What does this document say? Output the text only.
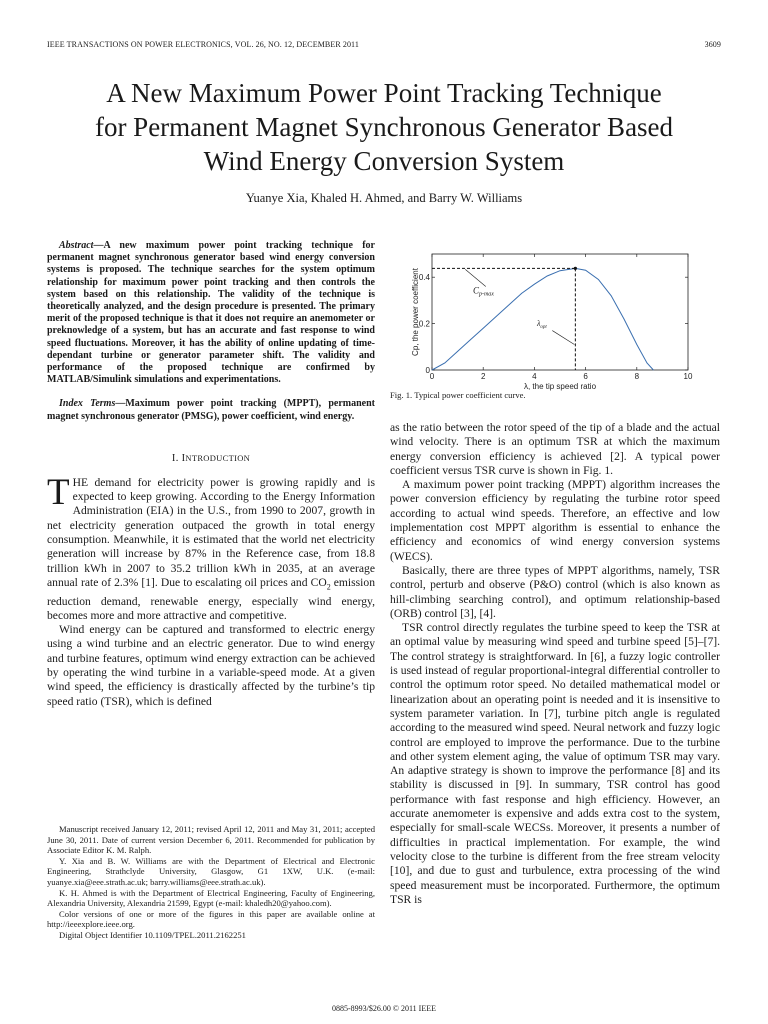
IEEE TRANSACTIONS ON POWER ELECTRONICS, VOL. 26, NO. 12, DECEMBER 2011	3609
A New Maximum Power Point Tracking Technique
for Permanent Magnet Synchronous Generator Based
Wind Energy Conversion System
Yuanye Xia, Khaled H. Ahmed, and Barry W. Williams

Abstract—A new maximum power point tracking technique for permanent magnet synchronous generator based wind energy conversion systems is proposed. The technique searches for the system optimum relationship for maximum power point tracking and then controls the system based on this relationship. The validity of the technique is theoretically analyzed, and the design procedure is presented. The primary merit of the proposed technique is that it does not require an anemometer or preknowledge of a system, but has an accurate and fast response to wind speed fluctuations. Moreover, it has the ability of online updating of time-dependant turbine or generator parameter shift. The validity and performance of the proposed technique are confirmed by MATLAB/Simulink simulations and experimentations.

Index Terms—Maximum power point tracking (MPPT), permanent magnet synchronous generator (PMSG), power coefficient, wind energy.

I. INTRODUCTION

THE demand for electricity power is growing rapidly and is expected to keep growing. According to the Energy Information Administration (EIA) in the U.S., from 1990 to 2007, growth in net electricity generation outpaced the growth in total energy consumption. Meanwhile, it is estimated that the world net electricity generation will increase by 87% in the Reference case, from 18.8 trillion kWh in 2007 to 35.2 trillion kWh in 2035, at an average annual rate of 2.3% [1]. Due to escalating oil prices and $CO_2$ emission reduction demand, renewable energy, especially wind energy, becomes more and more attractive and competitive.

Wind energy can be captured and transformed to electric energy using a wind turbine and an electric generator. Due to wind energy and turbine features, optimum wind energy extraction can be achieved by operating the wind turbine in a variable-speed mode. At a given wind speed, the efficiency is drastically affected by the turbine’s tip speed ratio (TSR), which is defined

Manuscript received January 12, 2011; revised April 12, 2011 and May 31, 2011; accepted June 30, 2011. Date of current version December 6, 2011. Recommended for publication by Associate Editor K. M. Ralph.

Y. Xia and B. W. Williams are with the Department of Electrical and Electronic Engineering, Strathclyde University, Glasgow, G1 1XW, U.K. (e-mail: yuanye.xia@eee.strath.ac.uk; barry.williams@eee.strath.ac.uk).

K. H. Ahmed is with the Department of Electrical Engineering, Faculty of Engineering, Alexandria University, Alexandria 21599, Egypt (e-mail: khaledh20@yahoo.com).

Color versions of one or more of the figures in this paper are available online at http://ieeexplore.ieee.org.

Digital Object Identifier 10.1109/TPEL.2011.2162251

0	2	4	6	8	10
0
0.2
0.4
λ, the tip speed ratio
Cp, the power coefficient	$C_{p-max}$
$\lambda_{opt}$
Fig. 1. Typical power coefficient curve.

as the ratio between the rotor speed of the tip of a blade and the actual wind velocity. There is an optimum TSR at which the maximum energy conversion efficiency is achieved [2]. A typical power coefficient versus TSR curve is shown in Fig. 1.

A maximum power point tracking (MPPT) algorithm increases the power conversion efficiency by regulating the turbine rotor speed according to actual wind speeds. Therefore, an effective and low implementation cost MPPT algorithm is essential to enhance the efficiency and economics of wind energy conversion systems (WECS).

Basically, there are three types of MPPT algorithms, namely, TSR control, perturb and observe (P&O) control (which is also known as hill-climbing searching control), and optimum relationship-based (ORB) control [3], [4].

TSR control directly regulates the turbine speed to keep the TSR at an optimal value by measuring wind speed and turbine speed [5]–[7]. The control strategy is straightforward. In [6], a fuzzy logic controller is used instead of regular proportional-integral differential controller to control the optimum rotor speed. No detailed mathematical model or linearization about an operating point is needed and it is insensitive to system parameter variation. In [7], turbine pitch angle is regulated according to the measured wind speed. Neural network and fuzzy logic control are employed to improve the performance. Due to the turbine and other system element aging, the value of optimum TSR may vary. An adaptive strategy is shown to improve the performance [8] and its stability is discussed in [9]. In summary, TSR control has good performance with fast response and high efficiency. However, an accurate anemometer is expensive and adds extra cost to the system, especially for small-scale WECSs. Moreover, it presents a number of difficulties in practical implementation. For example, the wind velocity close to the turbine is different from the free stream velocity [10], and due to gust and turbulence, extra processing of the wind speed measurement must be incorporated. Furthermore, the optimum TSR is

0885-8993/$26.00 © 2011 IEEE
